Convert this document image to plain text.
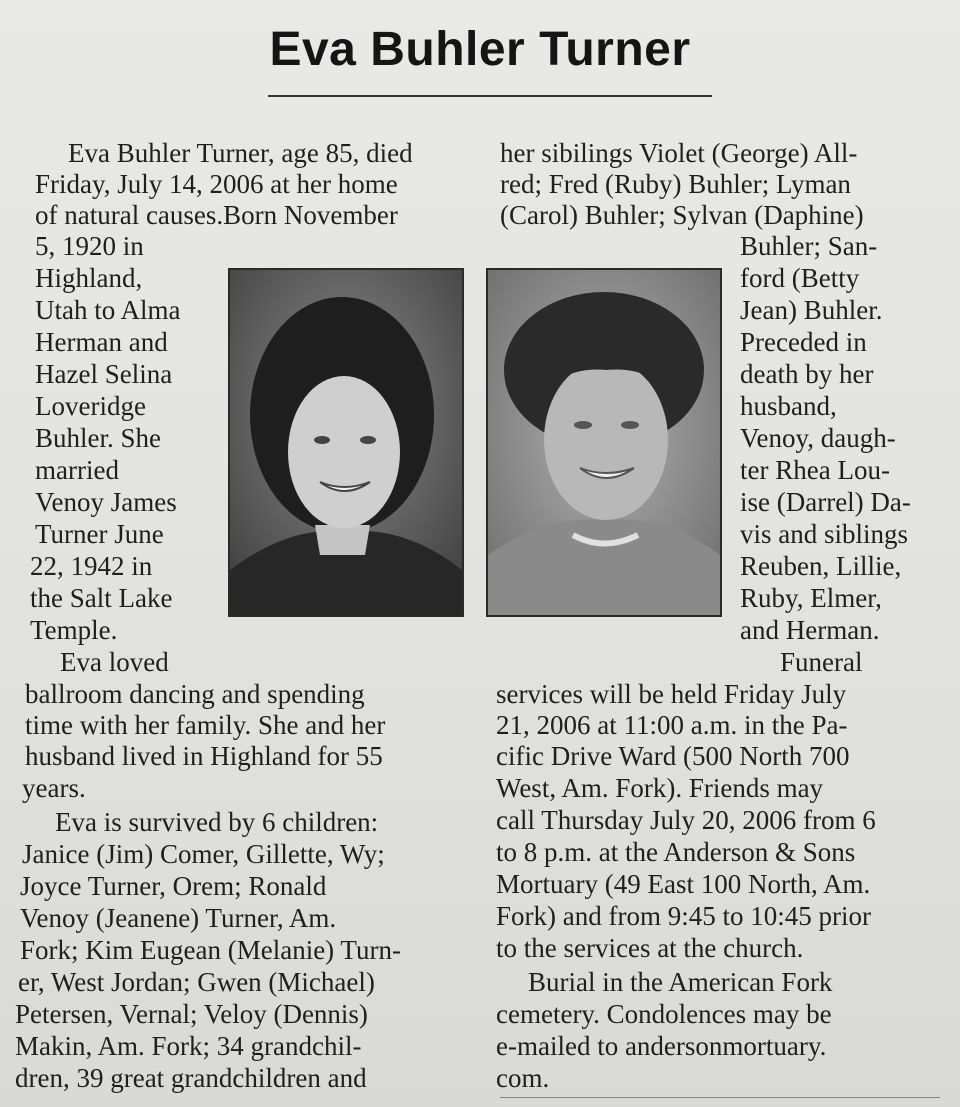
Eva Buhler Turner
Eva Buhler Turner, age 85, died
Friday, July 14, 2006 at her home
of natural causes.Born November
5, 1920 in
Highland,
Utah to Alma
Herman and
Hazel Selina
Loveridge
Buhler. She
married
Venoy James
Turner June
22, 1942 in
the Salt Lake
Temple.
Eva loved
ballroom dancing and spending
time with her family. She and her
husband lived in Highland for 55
years.
Eva is survived by 6 children:
Janice (Jim) Comer, Gillette, Wy;
Joyce Turner, Orem; Ronald
Venoy (Jeanene) Turner, Am.
Fork; Kim Eugean (Melanie) Turn-
er, West Jordan; Gwen (Michael)
Petersen, Vernal; Veloy (Dennis)
Makin, Am. Fork; 34 grandchil-
dren, 39 great grandchildren and
her sibilings Violet (George) All-
red; Fred (Ruby) Buhler; Lyman
(Carol) Buhler; Sylvan (Daphine)
Buhler; San-
ford (Betty
Jean) Buhler.
Preceded in
death by her
husband,
Venoy, daugh-
ter Rhea Lou-
ise (Darrel) Da-
vis and siblings
Reuben, Lillie,
Ruby, Elmer,
and Herman.
Funeral
services will be held Friday July
21, 2006 at 11:00 a.m. in the Pa-
cific Drive Ward (500 North 700
West, Am. Fork). Friends may
call Thursday July 20, 2006 from 6
to 8 p.m. at the Anderson & Sons
Mortuary (49 East 100 North, Am.
Fork) and from 9:45 to 10:45 prior
to the services at the church.
Burial in the American Fork
cemetery. Condolences may be
e-mailed to andersonmortuary.
com.
